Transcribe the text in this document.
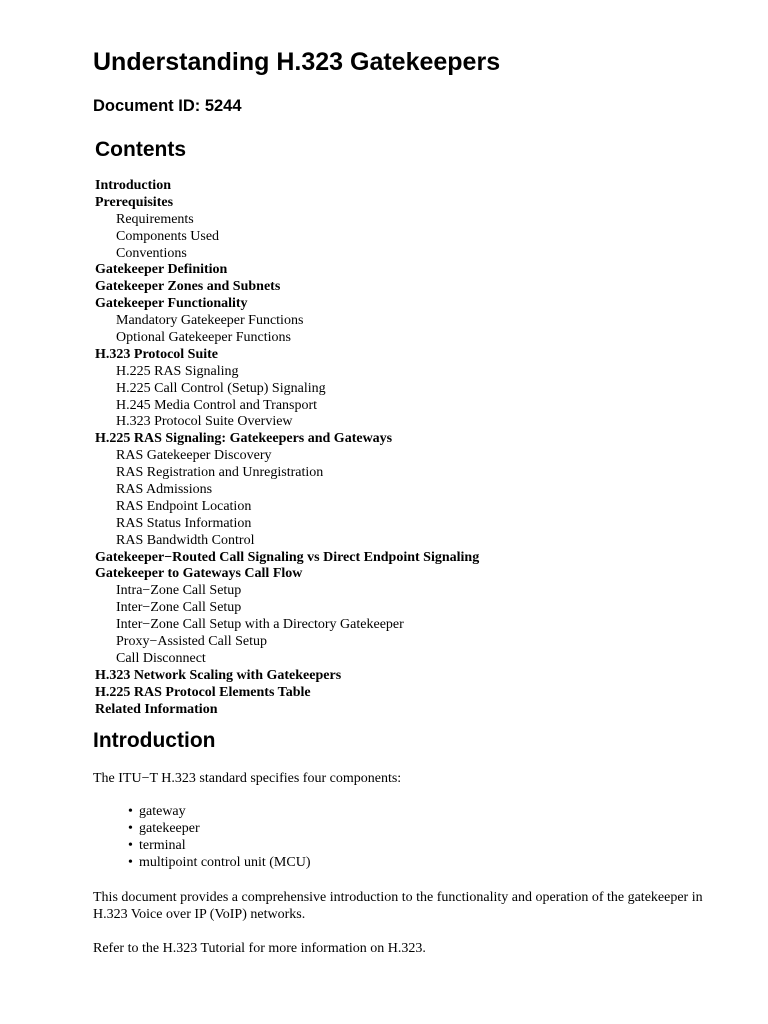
Understanding H.323 Gatekeepers
Document ID: 5244
Contents
Introduction
Prerequisites
Requirements
Components Used
Conventions
Gatekeeper Definition
Gatekeeper Zones and Subnets
Gatekeeper Functionality
Mandatory Gatekeeper Functions
Optional Gatekeeper Functions
H.323 Protocol Suite
H.225 RAS Signaling
H.225 Call Control (Setup) Signaling
H.245 Media Control and Transport
H.323 Protocol Suite Overview
H.225 RAS Signaling: Gatekeepers and Gateways
RAS Gatekeeper Discovery
RAS Registration and Unregistration
RAS Admissions
RAS Endpoint Location
RAS Status Information
RAS Bandwidth Control
Gatekeeper−Routed Call Signaling vs Direct Endpoint Signaling
Gatekeeper to Gateways Call Flow
Intra−Zone Call Setup
Inter−Zone Call Setup
Inter−Zone Call Setup with a Directory Gatekeeper
Proxy−Assisted Call Setup
Call Disconnect
H.323 Network Scaling with Gatekeepers
H.225 RAS Protocol Elements Table
Related Information
Introduction

The ITU−T H.323 standard specifies four components:

• gateway
• gatekeeper
• terminal
• multipoint control unit (MCU)

This document provides a comprehensive introduction to the functionality and operation of the gatekeeper in H.323 Voice over IP (VoIP) networks.

Refer to the H.323 Tutorial for more information on H.323.
